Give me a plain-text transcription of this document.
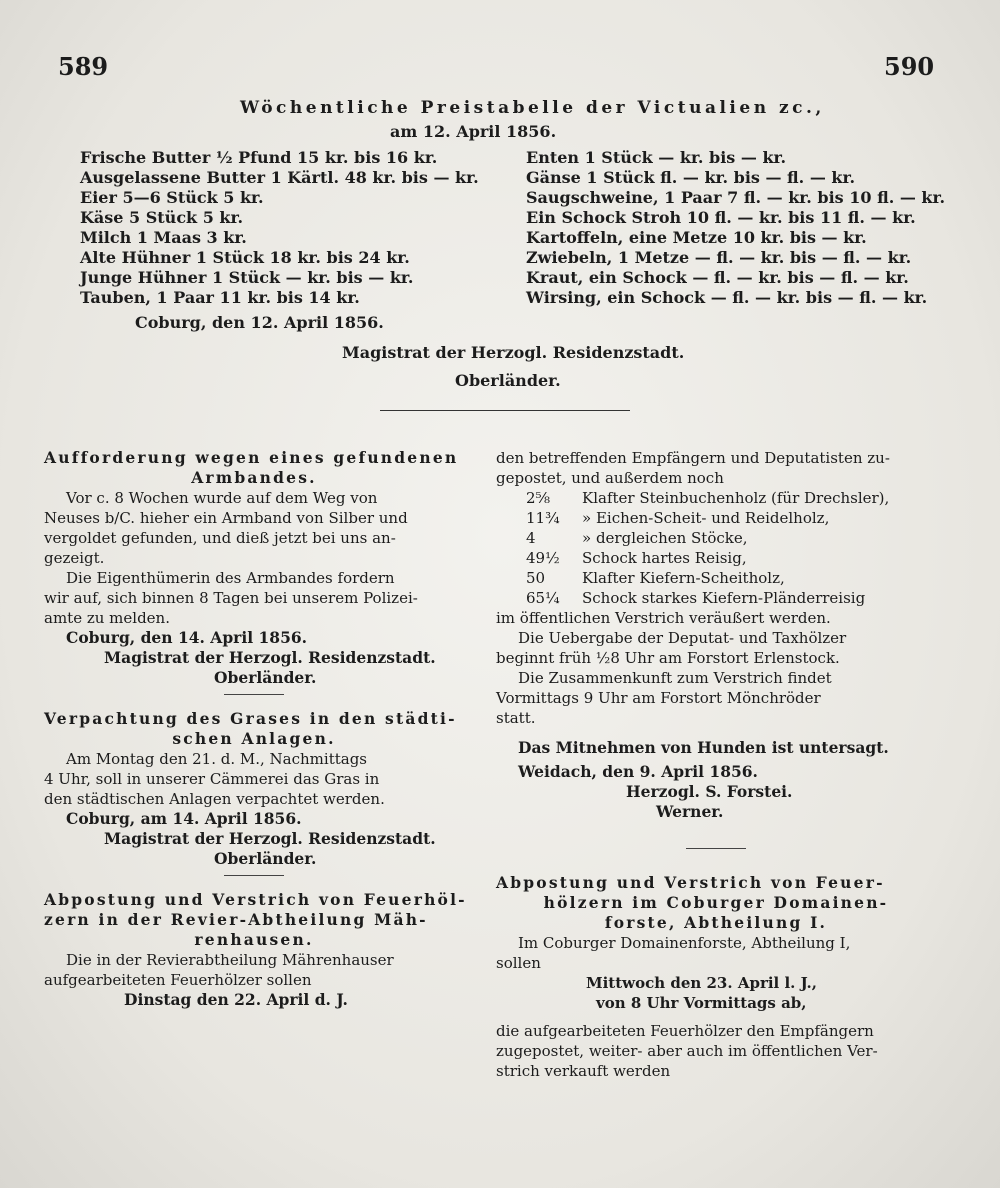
589	590
Wöchentliche Preistabelle der Victualien zc.,
am 12. April 1856.
Frische Butter ½ Pfund 15 kr. bis 16 kr.
Ausgelassene Butter 1 Kärtl. 48 kr. bis — kr.
Eier 5—6 Stück 5 kr.
Käse 5 Stück 5 kr.
Milch 1 Maas 3 kr.
Alte Hühner 1 Stück 18 kr. bis 24 kr.
Junge Hühner 1 Stück — kr. bis — kr.
Tauben, 1 Paar 11 kr. bis 14 kr.
Enten 1 Stück — kr. bis — kr.
Gänse 1 Stück fl. — kr. bis — fl. — kr.
Saugschweine, 1 Paar 7 fl. — kr. bis 10 fl. — kr.
Ein Schock Stroh 10 fl. — kr. bis 11 fl. — kr.
Kartoffeln, eine Metze 10 kr. bis — kr.
Zwiebeln, 1 Metze — fl. — kr. bis — fl. — kr.
Kraut, ein Schock — fl. — kr. bis — fl. — kr.
Wirsing, ein Schock — fl. — kr. bis — fl. — kr.
Coburg, den 12. April 1856.
Magistrat der Herzogl. Residenzstadt.
Oberländer.
Aufforderung wegen eines gefundenen
Armbandes.
Vor c. 8 Wochen wurde auf dem Weg von
Neuses b/C. hieher ein Armband von Silber und
vergoldet gefunden, und dieß jetzt bei uns an-
gezeigt.
Die Eigenthümerin des Armbandes fordern
wir auf, sich binnen 8 Tagen bei unserem Polizei-
amte zu melden.
Coburg, den 14. April 1856.
Magistrat der Herzogl. Residenzstadt.
Oberländer.
Verpachtung des Grases in den städti-
schen Anlagen.
Am Montag den 21. d. M., Nachmittags
4 Uhr, soll in unserer Cämmerei das Gras in
den städtischen Anlagen verpachtet werden.
Coburg, am 14. April 1856.
Magistrat der Herzogl. Residenzstadt.
Oberländer.
Abpostung und Verstrich von Feuerhöl-
zern in der Revier-Abtheilung Mäh-
renhausen.
Die in der Revierabtheilung Mährenhauser
aufgearbeiteten Feuerhölzer sollen
Dinstag den 22. April d. J.
den betreffenden Empfängern und Deputatisten zu-
gepostet, und außerdem noch
2⅝	Klafter Steinbuchenholz (für Drechsler),
11¾	» Eichen-Scheit- und Reidelholz,
4	» dergleichen Stöcke,
49½	Schock hartes Reisig,
50	Klafter Kiefern-Scheitholz,
65¼	Schock starkes Kiefern-Pländerreisig
im öffentlichen Verstrich veräußert werden.
Die Uebergabe der Deputat- und Taxhölzer
beginnt früh ½8 Uhr am Forstort Erlenstock.
Die Zusammenkunft zum Verstrich findet
Vormittags 9 Uhr am Forstort Mönchröder
statt.
Das Mitnehmen von Hunden ist untersagt.
Weidach, den 9. April 1856.
Herzogl. S. Forstei.
Werner.
Abpostung und Verstrich von Feuer-
hölzern im Coburger Domainen-
forste, Abtheilung I.
Im Coburger Domainenforste, Abtheilung I,
sollen
Mittwoch den 23. April l. J.,
von 8 Uhr Vormittags ab,
die aufgearbeiteten Feuerhölzer den Empfängern
zugepostet, weiter- aber auch im öffentlichen Ver-
strich verkauft werden
